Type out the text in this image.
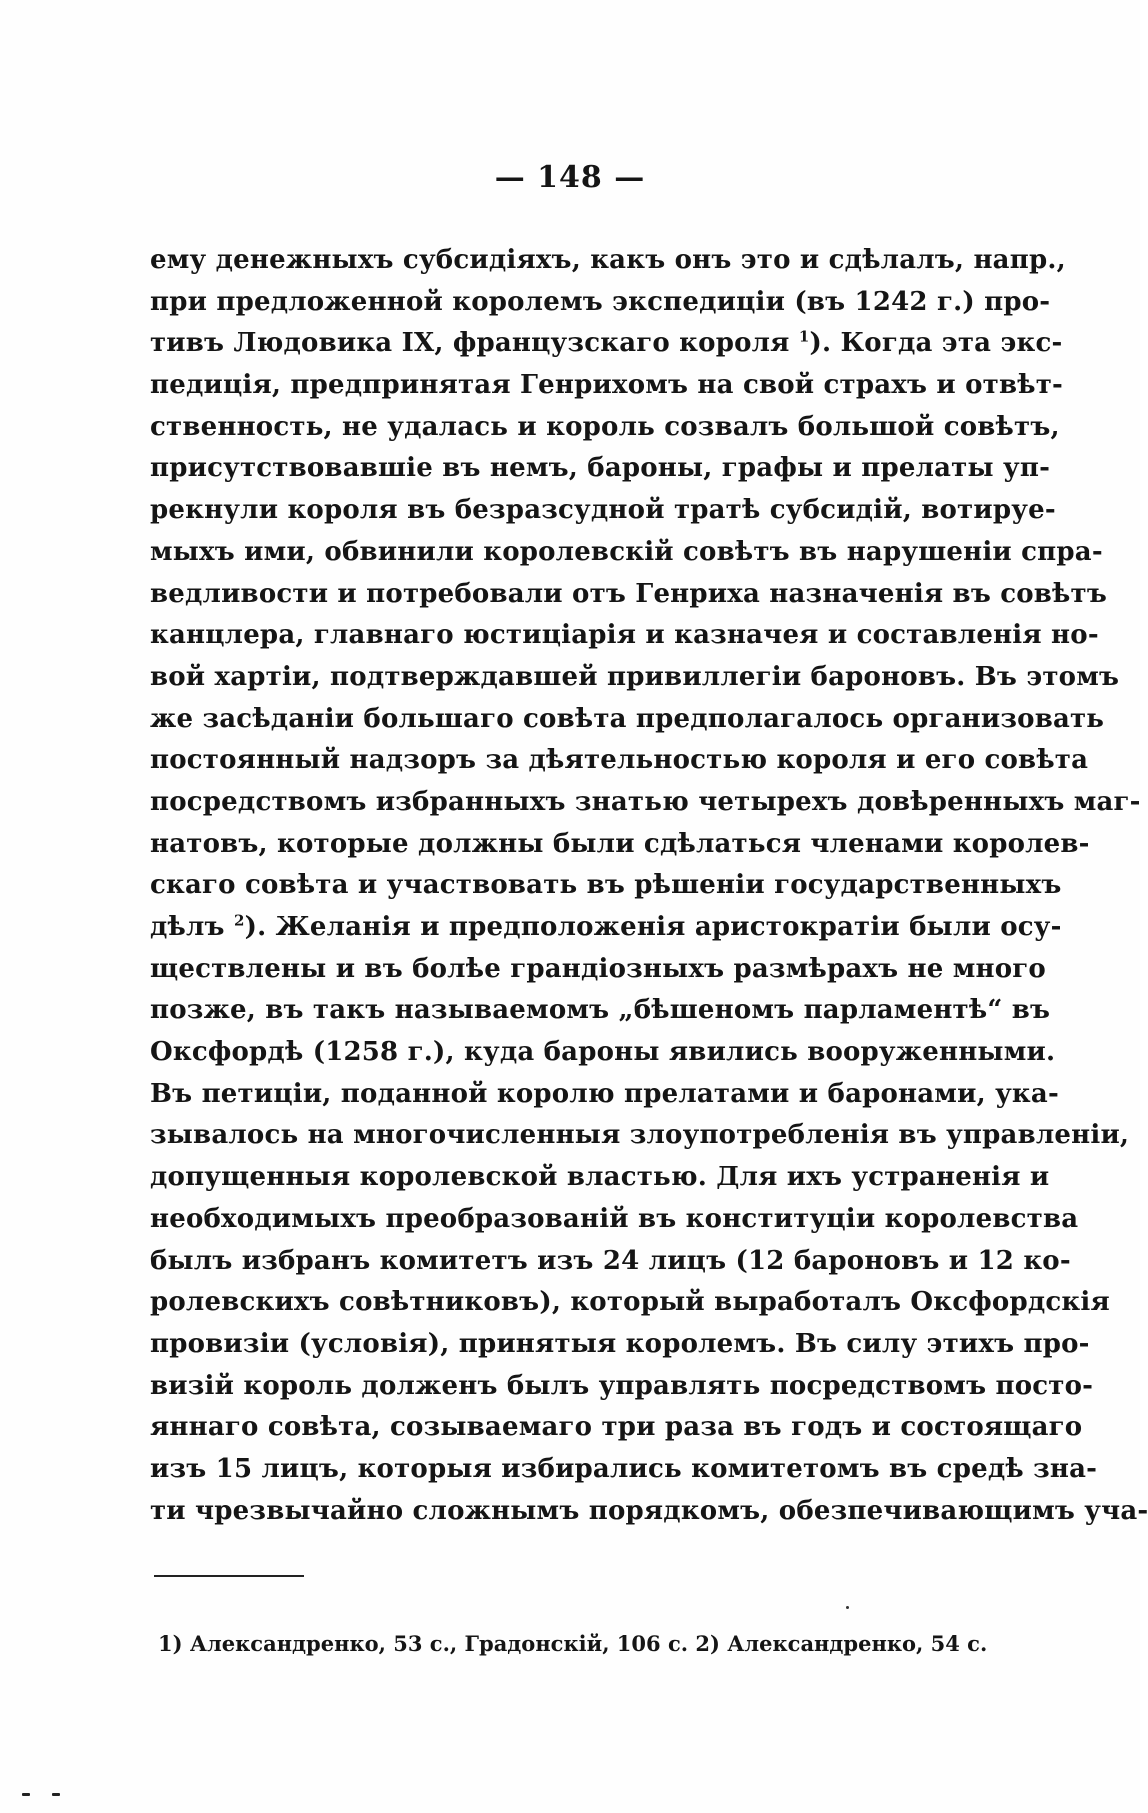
— 148 —
ему денежныхъ субсидіяхъ, какъ онъ это и сдѣлалъ, напр.,
при предложенной королемъ экспедиціи (въ 1242 г.) про-
тивъ Людовика IX, французскаго короля $^1$). Когда эта экс-
педиція, предпринятая Генрихомъ на свой страхъ и отвѣт-
ственность, не удалась и король созвалъ большой совѣтъ,
присутствовавшіе въ немъ, бароны, графы и прелаты уп-
рекнули короля въ безразсудной тратѣ субсидій, вотируе-
мыхъ ими, обвинили королевскій совѣтъ въ нарушеніи спра-
ведливости и потребовали отъ Генриха назначенія въ совѣтъ
канцлера, главнаго юстиціарія и казначея и составленія но-
вой хартіи, подтверждавшей привиллегіи бароновъ. Въ этомъ
же засѣданіи большаго совѣта предполагалось организовать
постоянный надзоръ за дѣятельностью короля и его совѣта
посредствомъ избранныхъ знатью четырехъ довѣренныхъ маг-
натовъ, которые должны были сдѣлаться членами королев-
скаго совѣта и участвовать въ рѣшеніи государственныхъ
дѣлъ $^2$). Желанія и предположенія аристократіи были осу-
ществлены и въ болѣе грандіозныхъ размѣрахъ не много
позже, въ такъ называемомъ „бѣшеномъ парламентѣ“ въ
Оксфордѣ (1258 г.), куда бароны явились вооруженными.
Въ петиціи, поданной королю прелатами и баронами, ука-
зывалось на многочисленныя злоупотребленія въ управленіи,
допущенныя королевской властью. Для ихъ устраненія и
необходимыхъ преобразованій въ конституціи королевства
былъ избранъ комитетъ изъ 24 лицъ (12 бароновъ и 12 ко-
ролевскихъ совѣтниковъ), который выработалъ Оксфордскія
провизіи (условія), принятыя королемъ. Въ силу этихъ про-
визій король долженъ былъ управлять посредствомъ посто-
яннаго совѣта, созываемаго три раза въ годъ и состоящаго
изъ 15 лицъ, которыя избирались комитетомъ въ средѣ зна-
ти чрезвычайно сложнымъ порядкомъ, обезпечивающимъ уча-
1) Александренко, 53 с., Градонскій, 106 с. 2) Александренко, 54 с.
